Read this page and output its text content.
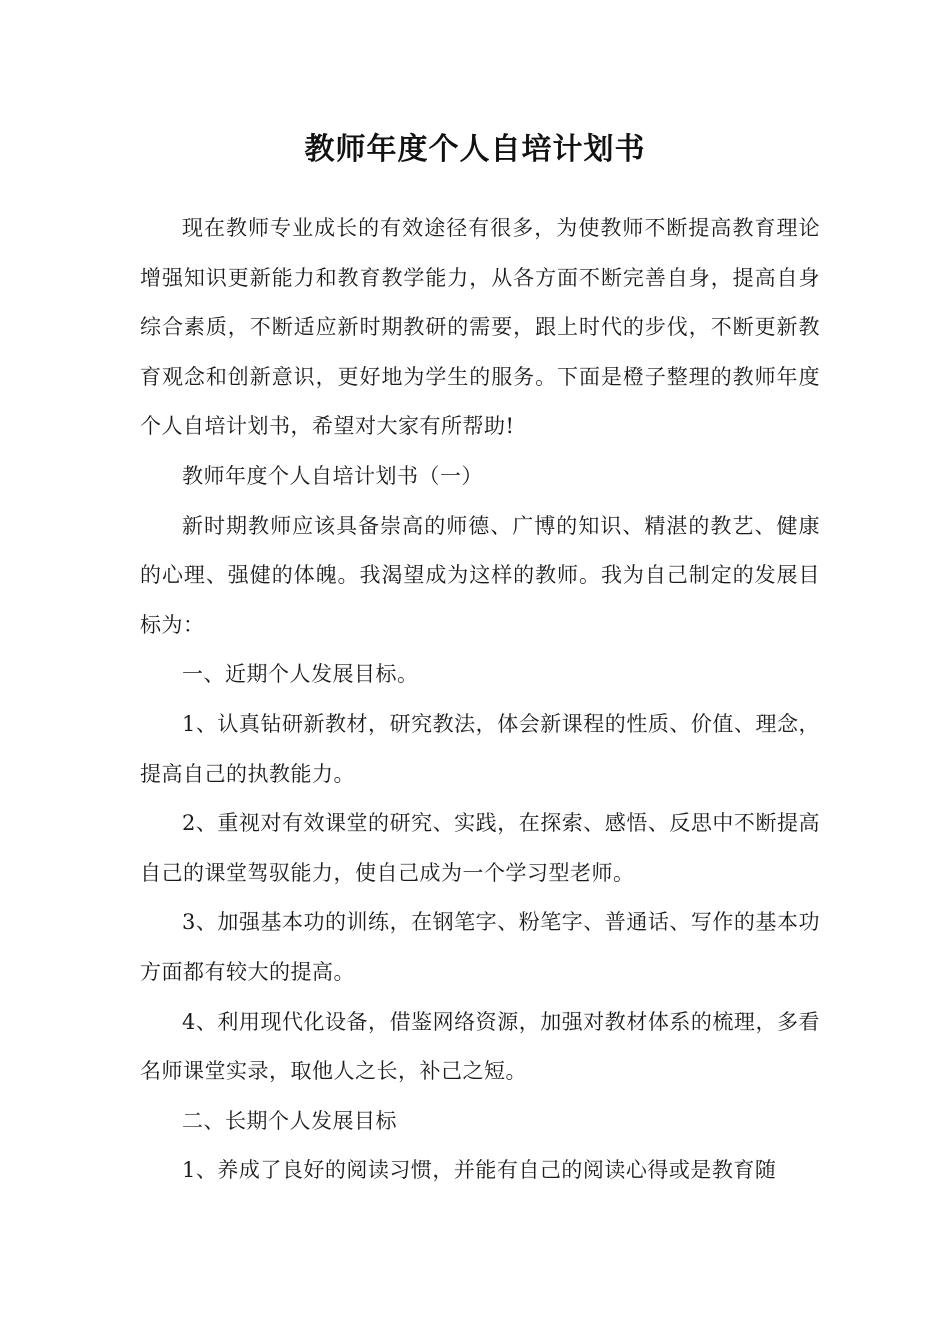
教师年度个人自培计划书

现在教师专业成长的有效途径有很多，为使教师不断提高教育理论增强知识更新能力和教育教学能力，从各方面不断完善自身，提高自身综合素质，不断适应新时期教研的需要，跟上时代的步伐，不断更新教育观念和创新意识，更好地为学生的服务。下面是橙子整理的教师年度个人自培计划书，希望对大家有所帮助!

教师年度个人自培计划书（一）

新时期教师应该具备崇高的师德、广博的知识、精湛的教艺、健康的心理、强健的体魄。我渴望成为这样的教师。我为自己制定的发展目标为：

一、近期个人发展目标。

1、认真钻研新教材，研究教法，体会新课程的性质、价值、理念，提高自己的执教能力。

2、重视对有效课堂的研究、实践，在探索、感悟、反思中不断提高自己的课堂驾驭能力，使自己成为一个学习型老师。

3、加强基本功的训练，在钢笔字、粉笔字、普通话、写作的基本功方面都有较大的提高。

4、利用现代化设备，借鉴网络资源，加强对教材体系的梳理，多看名师课堂实录，取他人之长，补己之短。

二、长期个人发展目标

1、养成了良好的阅读习惯，并能有自己的阅读心得或是教育随
